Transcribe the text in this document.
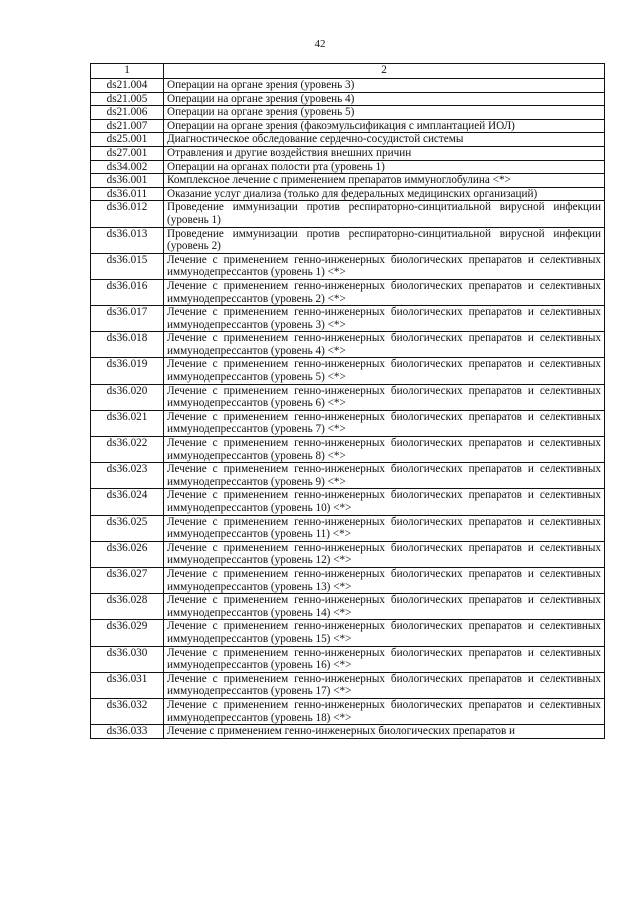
42
1	2
ds21.004	Операции на органе зрения (уровень 3)
ds21.005	Операции на органе зрения (уровень 4)
ds21.006	Операции на органе зрения (уровень 5)
ds21.007	Операции на органе зрения (факоэмульсификация с имплантацией ИОЛ)
ds25.001	Диагностическое обследование сердечно-сосудистой системы
ds27.001	Отравления и другие воздействия внешних причин
ds34.002	Операции на органах полости рта (уровень 1)
ds36.001	Комплексное лечение с применением препаратов иммуноглобулина <*>
ds36.011	Оказание услуг диализа (только для федеральных медицинских организаций)
ds36.012	Проведение иммунизации против респираторно-синцитиальной вирусной инфекции (уровень 1)
ds36.013	Проведение иммунизации против респираторно-синцитиальной вирусной инфекции (уровень 2)
ds36.015	Лечение с применением генно-инженерных биологических препаратов и селективных иммунодепрессантов (уровень 1) <*>
ds36.016	Лечение с применением генно-инженерных биологических препаратов и селективных иммунодепрессантов (уровень 2) <*>
ds36.017	Лечение с применением генно-инженерных биологических препаратов и селективных иммунодепрессантов (уровень 3) <*>
ds36.018	Лечение с применением генно-инженерных биологических препаратов и селективных иммунодепрессантов (уровень 4) <*>
ds36.019	Лечение с применением генно-инженерных биологических препаратов и селективных иммунодепрессантов (уровень 5) <*>
ds36.020	Лечение с применением генно-инженерных биологических препаратов и селективных иммунодепрессантов (уровень 6) <*>
ds36.021	Лечение с применением генно-инженерных биологических препаратов и селективных иммунодепрессантов (уровень 7) <*>
ds36.022	Лечение с применением генно-инженерных биологических препаратов и селективных иммунодепрессантов (уровень 8) <*>
ds36.023	Лечение с применением генно-инженерных биологических препаратов и селективных иммунодепрессантов (уровень 9) <*>
ds36.024	Лечение с применением генно-инженерных биологических препаратов и селективных иммунодепрессантов (уровень 10) <*>
ds36.025	Лечение с применением генно-инженерных биологических препаратов и селективных иммунодепрессантов (уровень 11) <*>
ds36.026	Лечение с применением генно-инженерных биологических препаратов и селективных иммунодепрессантов (уровень 12) <*>
ds36.027	Лечение с применением генно-инженерных биологических препаратов и селективных иммунодепрессантов (уровень 13) <*>
ds36.028	Лечение с применением генно-инженерных биологических препаратов и селективных иммунодепрессантов (уровень 14) <*>
ds36.029	Лечение с применением генно-инженерных биологических препаратов и селективных иммунодепрессантов (уровень 15) <*>
ds36.030	Лечение с применением генно-инженерных биологических препаратов и селективных иммунодепрессантов (уровень 16) <*>
ds36.031	Лечение с применением генно-инженерных биологических препаратов и селективных иммунодепрессантов (уровень 17) <*>
ds36.032	Лечение с применением генно-инженерных биологических препаратов и селективных иммунодепрессантов (уровень 18) <*>
ds36.033	Лечение с применением генно-инженерных биологических препаратов и
